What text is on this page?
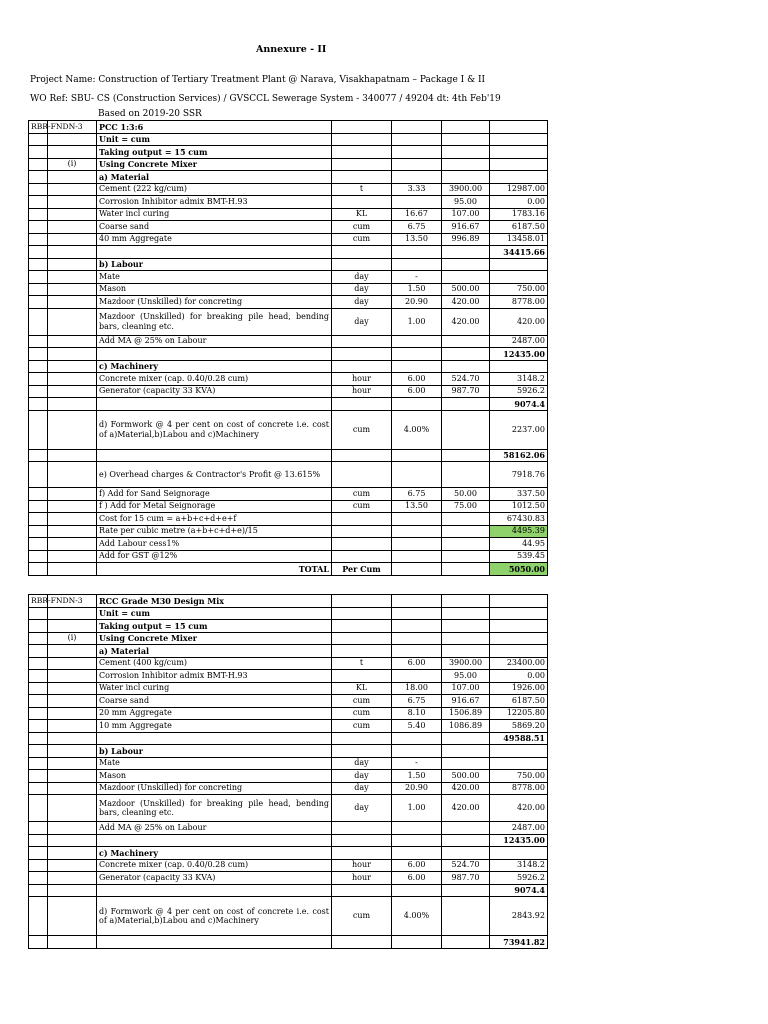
Annexure - II
Project Name: Construction of Tertiary Treatment Plant @ Narava, Visakhapatnam – Package I & II
WO Ref: SBU- CS (Construction Services) / GVSCCL Sewerage System - 340077 / 49204 dt: 4th Feb'19
Based on 2019-20 SSR
RBR-FNDN-3		PCC 1:3:6				
		Unit = cum				
		Taking output = 15 cum				
	(i)	Using Concrete Mixer				
		a) Material				
		Cement (222 kg/cum)	t	3.33	3900.00	12987.00
		Corrosion Inhibitor admix BMT-H.93			95.00	0.00
		Water incl curing	KL	16.67	107.00	1783.16
		Coarse sand	cum	6.75	916.67	6187.50
		40 mm Aggregate	cum	13.50	996.89	13458.01
						34415.66
		b) Labour				
		Mate	day	-		
		Mason	day	1.50	500.00	750.00
		Mazdoor (Unskilled) for concreting	day	20.90	420.00	8778.00
		Mazdoor (Unskilled) for breaking pile head, bending bars, cleaning etc.	day	1.00	420.00	420.00
		Add MA @ 25% on Labour				2487.00
						12435.00
		c) Machinery				
		Concrete mixer (cap. 0.40/0.28 cum)	hour	6.00	524.70	3148.2
		Generator (capacity 33 KVA)	hour	6.00	987.70	5926.2
						9074.4
		d) Formwork @ 4 per cent on cost of concrete i.e. cost of a)Material,b)Labou and c)Machinery	cum	4.00%		2237.00
						58162.06
		e) Overhead charges & Contractor's Profit @ 13.615%				7918.76
		f) Add for Sand Seignorage	cum	6.75	50.00	337.50
		f ) Add for Metal Seignorage	cum	13.50	75.00	1012.50
		Cost for 15 cum = a+b+c+d+e+f				67430.83
		Rate per cubic metre (a+b+c+d+e)/15				4495.39
		Add Labour cess1%				44.95
		Add for GST @12%				539.45
		TOTAL	Per Cum			5050.00
RBR-FNDN-3		RCC Grade M30 Design Mix				
		Unit = cum				
		Taking output = 15 cum				
	(i)	Using Concrete Mixer				
		a) Material				
		Cement (400 kg/cum)	t	6.00	3900.00	23400.00
		Corrosion Inhibitor admix BMT-H.93			95.00	0.00
		Water incl curing	KL	18.00	107.00	1926.00
		Coarse sand	cum	6.75	916.67	6187.50
		20 mm Aggregate	cum	8.10	1506.89	12205.80
		10 mm Aggregate	cum	5.40	1086.89	5869.20
						49588.51
		b) Labour				
		Mate	day	-		
		Mason	day	1.50	500.00	750.00
		Mazdoor (Unskilled) for concreting	day	20.90	420.00	8778.00
		Mazdoor (Unskilled) for breaking pile head, bending bars, cleaning etc.	day	1.00	420.00	420.00
		Add MA @ 25% on Labour				2487.00
						12435.00
		c) Machinery				
		Concrete mixer (cap. 0.40/0.28 cum)	hour	6.00	524.70	3148.2
		Generator (capacity 33 KVA)	hour	6.00	987.70	5926.2
						9074.4
		d) Formwork @ 4 per cent on cost of concrete i.e. cost of a)Material,b)Labou and c)Machinery	cum	4.00%		2843.92
						73941.82
